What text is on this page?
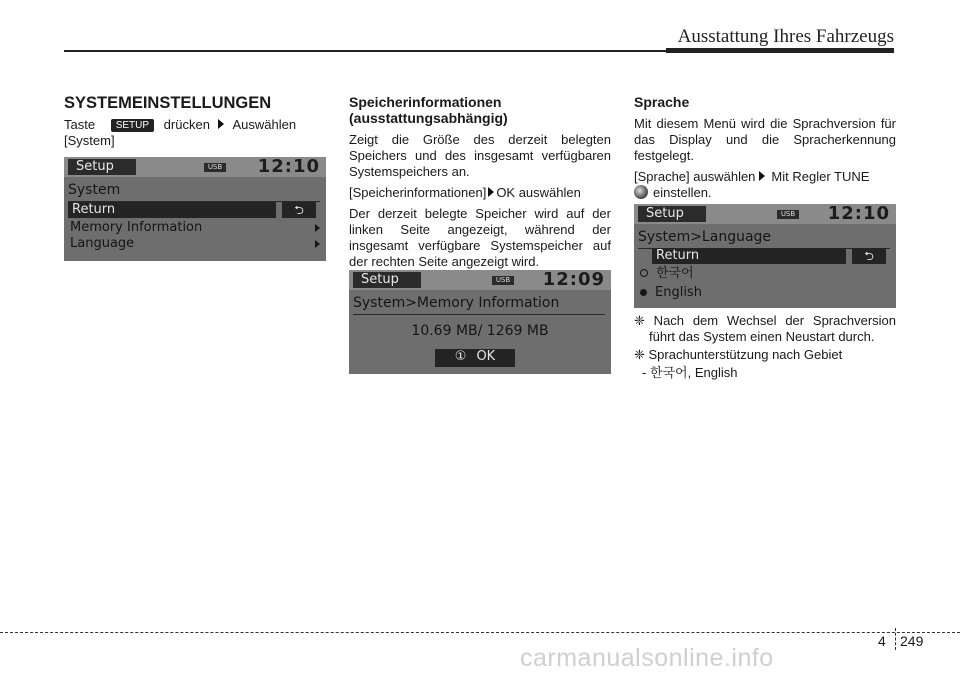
Ausstattung Ihres Fahrzeugs
SYSTEMEINSTELLUNGEN
Taste SETUP drücken Auswählen
[System]
Setup	USB 12:10
System
Return	⮌
Memory Information
Language
Speicherinformationen (ausstattungsabhängig)
Zeigt die Größe des derzeit belegten Speichers und des insgesamt verfügbaren Systemspeichers an.
[Speicherinformationen] OK auswählen
Der derzeit belegte Speicher wird auf der linken Seite angezeigt, während der insgesamt verfügbare Systemspeicher auf der rechten Seite angezeigt wird.
Setup	USB 12:09
System>Memory Information
10.69 MB/ 1269 MB
① OK
Sprache
Mit diesem Menü wird die Sprachversion für das Display und die Spracherkennung festgelegt.
[Sprache] auswählen Mit Regler TUNE
einstellen.
Setup	USB 12:10
System>Language
Return	⮌
한국어
English
❈ Nach dem Wechsel der Sprachversion führt das System einen Neustart durch.
❈ Sprachunterstützung nach Gebiet
- 한국어, English
4 249
carmanualsonline.info
